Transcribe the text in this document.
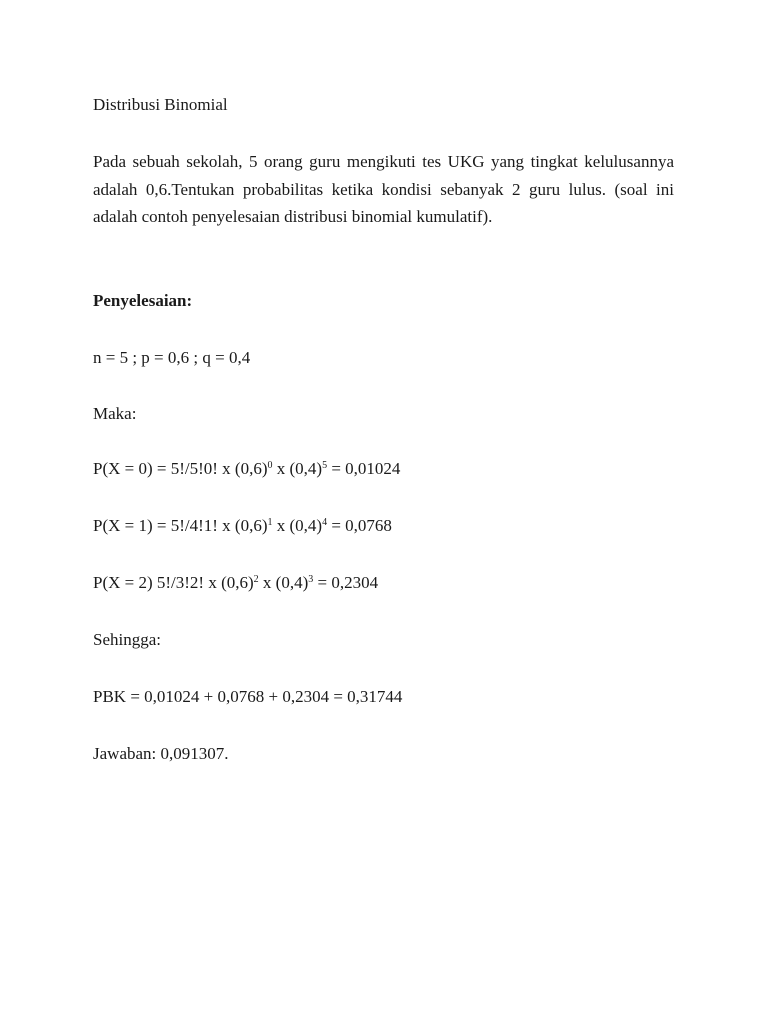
Distribusi Binomial
Pada sebuah sekolah, 5 orang guru mengikuti tes UKG yang tingkat kelulusannya adalah 0,6.Tentukan probabilitas ketika kondisi sebanyak 2 guru lulus. (soal ini adalah contoh penyelesaian distribusi binomial kumulatif).
Penyelesaian:
n = 5 ; p = 0,6 ; q = 0,4
Maka:
P(X = 0) = 5!/5!0! x $(0,6)^0$ x $(0,4)^5 = 0,01024$
P(X = 1) = 5!/4!1! x $(0,6)^1$ x $(0,4)^4 = 0,0768$
P(X = 2) 5!/3!2! x $(0,6)^2$ x $(0,4)^3 = 0,2304$
Sehingga:
PBK = 0,01024 + 0,0768 + 0,2304 = 0,31744
Jawaban: 0,091307.
